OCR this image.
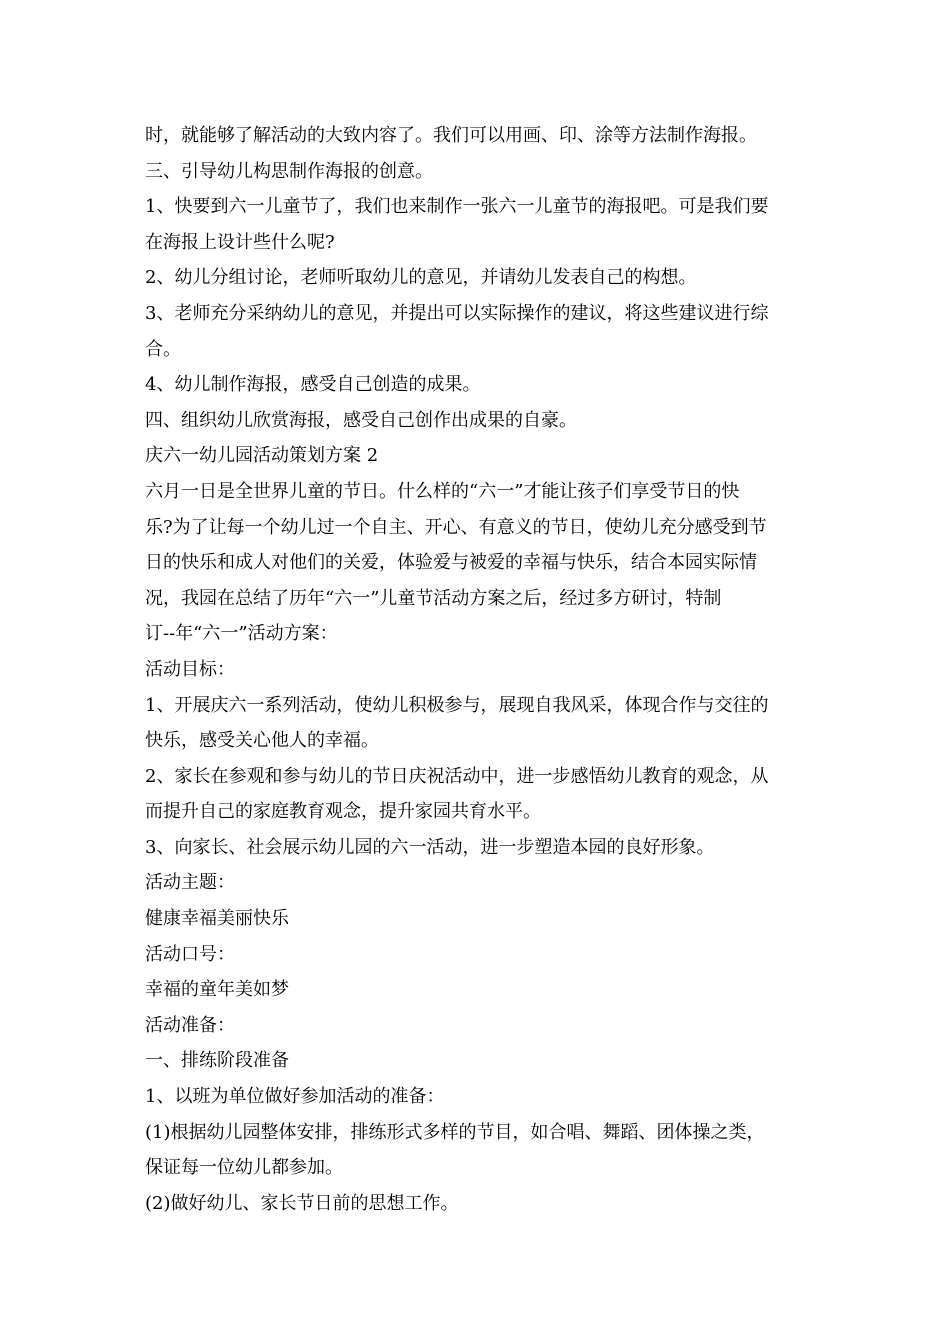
时，就能够了解活动的大致内容了。我们可以用画、印、涂等方法制作海报。
三、引导幼儿构思制作海报的创意。
1、快要到六一儿童节了，我们也来制作一张六一儿童节的海报吧。可是我们要
在海报上设计些什么呢?
2、幼儿分组讨论，老师听取幼儿的意见，并请幼儿发表自己的构想。
3、老师充分采纳幼儿的意见，并提出可以实际操作的建议，将这些建议进行综
合。
4、幼儿制作海报，感受自己创造的成果。
四、组织幼儿欣赏海报，感受自己创作出成果的自豪。
庆六一幼儿园活动策划方案 2
六月一日是全世界儿童的节日。什么样的“六一”才能让孩子们享受节日的快
乐?为了让每一个幼儿过一个自主、开心、有意义的节日，使幼儿充分感受到节
日的快乐和成人对他们的关爱，体验爱与被爱的幸福与快乐，结合本园实际情
况，我园在总结了历年“六一”儿童节活动方案之后，经过多方研讨，特制
订--年“六一”活动方案：
活动目标：
1、开展庆六一系列活动，使幼儿积极参与，展现自我风采，体现合作与交往的
快乐，感受关心他人的幸福。
2、家长在参观和参与幼儿的节日庆祝活动中，进一步感悟幼儿教育的观念，从
而提升自己的家庭教育观念，提升家园共育水平。
3、向家长、社会展示幼儿园的六一活动，进一步塑造本园的良好形象。
活动主题：
健康幸福美丽快乐
活动口号：
幸福的童年美如梦
活动准备：
一、排练阶段准备
1、以班为单位做好参加活动的准备：
(1)根据幼儿园整体安排，排练形式多样的节目，如合唱、舞蹈、团体操之类，
保证每一位幼儿都参加。
(2)做好幼儿、家长节日前的思想工作。
